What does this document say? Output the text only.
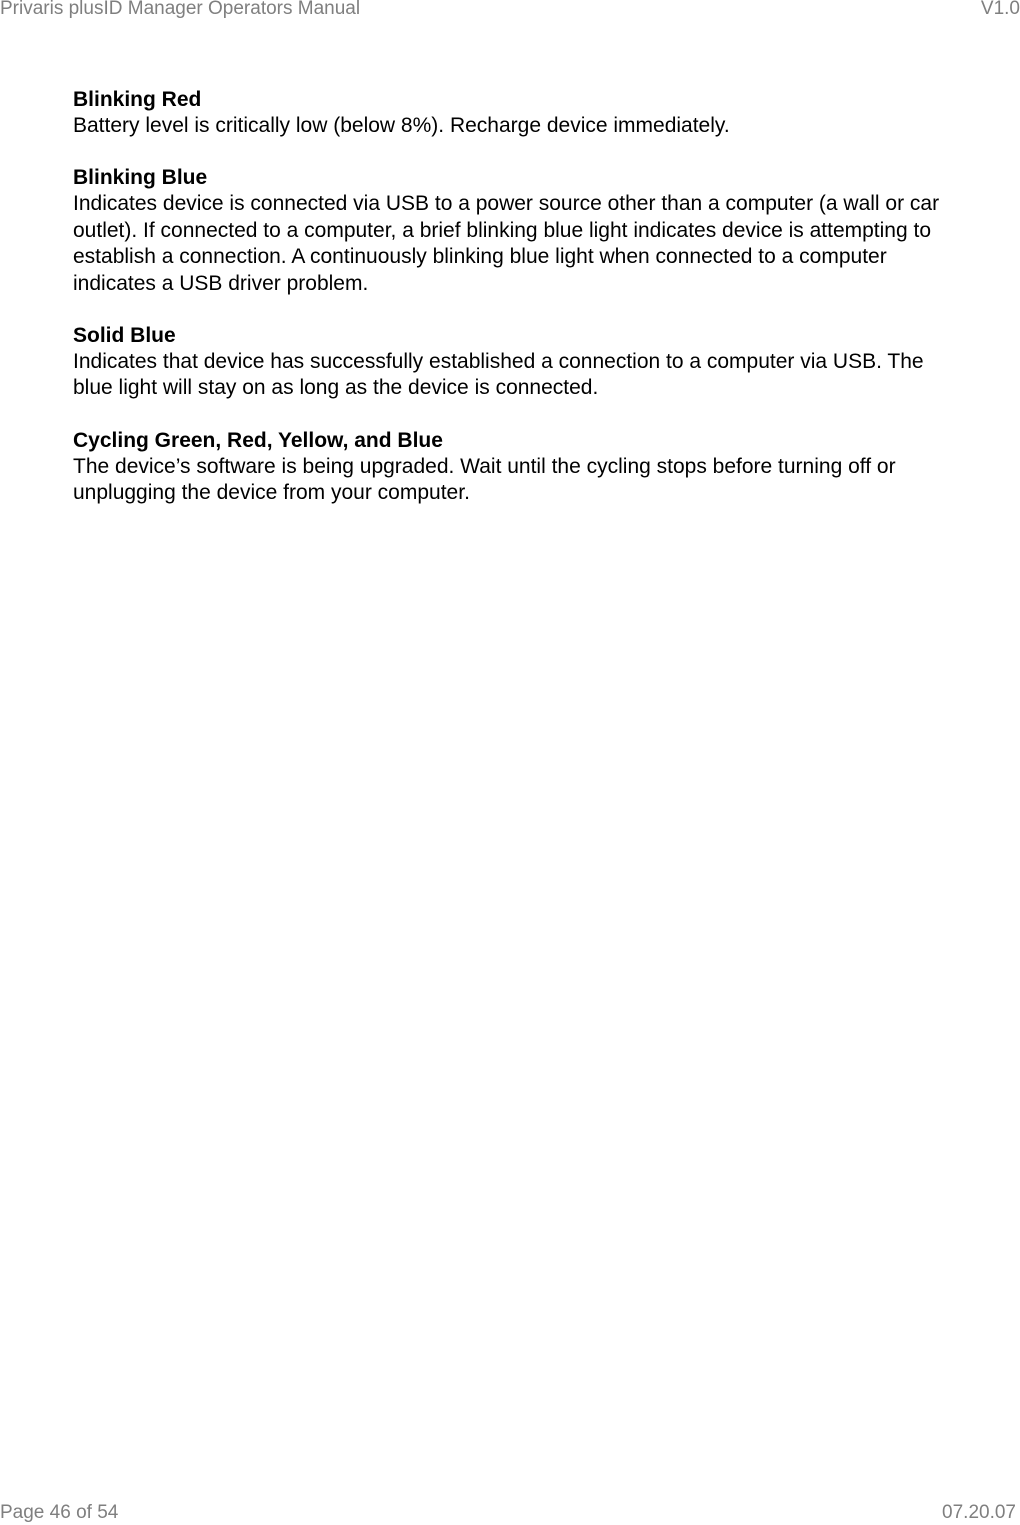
Privaris plusID Manager Operators Manual	V1.0

Blinking Red

Battery level is critically low (below 8%). Recharge device immediately.

Blinking Blue

Indicates device is connected via USB to a power source other than a computer (a wall or car outlet). If connected to a computer, a brief blinking blue light indicates device is attempting to establish a connection. A continuously blinking blue light when connected to a computer indicates a USB driver problem.

Solid Blue

Indicates that device has successfully established a connection to a computer via USB. The blue light will stay on as long as the device is connected.

Cycling Green, Red, Yellow, and Blue

The device’s software is being upgraded. Wait until the cycling stops before turning off or unplugging the device from your computer.

Page 46 of 54	07.20.07
